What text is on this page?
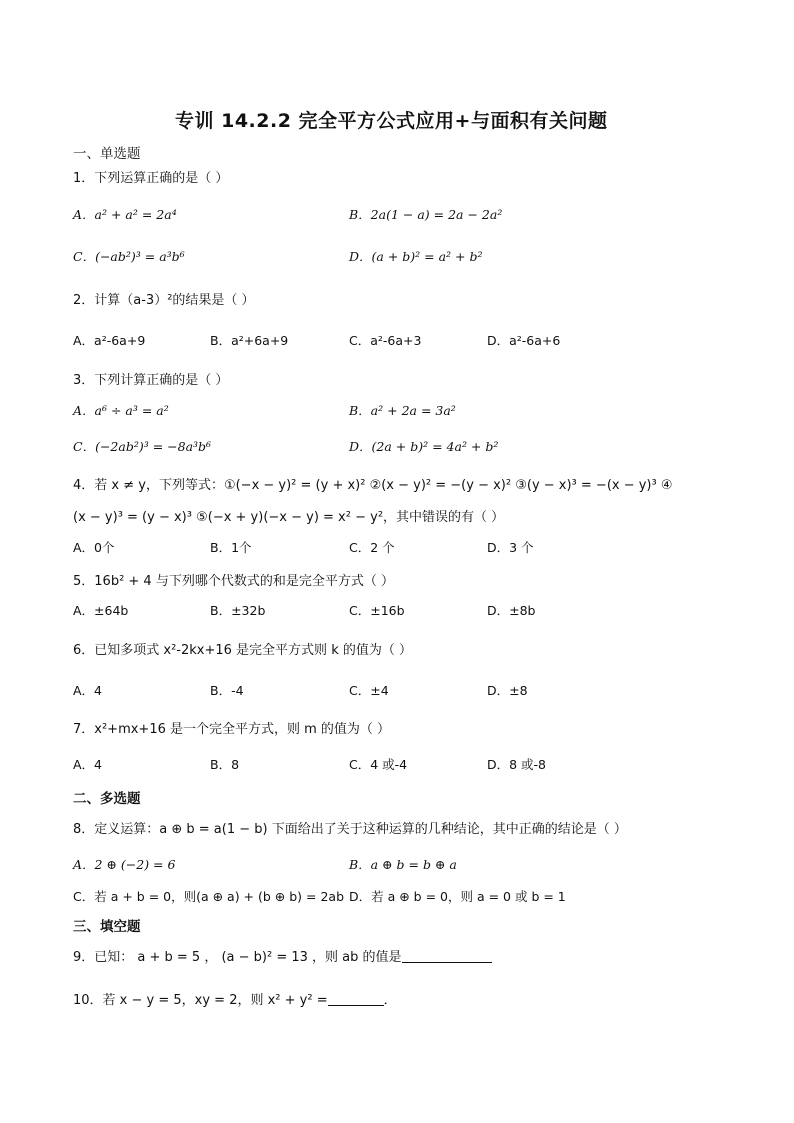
专训 14.2.2 完全平方公式应用+与面积有关问题
一、单选题
1．下列运算正确的是（ ）
A．a² + a² = 2a⁴	B．2a(1 − a) = 2a − 2a²
C．(−ab²)³ = a³b⁶	D．(a + b)² = a² + b²
2．计算（a-3）²的结果是（ ）
A．a²-6a+9	B．a²+6a+9	C．a²-6a+3	D．a²-6a+6
3．下列计算正确的是（ ）
A．a⁶ ÷ a³ = a²	B．a² + 2a = 3a²
C．(−2ab²)³ = −8a³b⁶	D．(2a + b)² = 4a² + b²
4．若 x ≠ y，下列等式：①(−x − y)² = (y + x)² ②(x − y)² = −(y − x)² ③(y − x)³ = −(x − y)³ ④
(x − y)³ = (y − x)³ ⑤(−x + y)(−x − y) = x² − y²，其中错误的有（ ）
A．0个	B．1个	C．2 个	D．3 个
5．16b² + 4 与下列哪个代数式的和是完全平方式（ ）
A．±64b	B．±32b	C．±16b	D．±8b
6．已知多项式 x²-2kx+16 是完全平方式则 k 的值为（ ）
A．4	B．-4	C．±4	D．±8
7．x²+mx+16 是一个完全平方式，则 m 的值为（ ）
A．4	B．8	C．4 或-4	D．8 或-8
二、多选题
8．定义运算：a ⊕ b = a(1 − b) 下面给出了关于这种运算的几种结论，其中正确的结论是（ ）
A．2 ⊕ (−2) = 6	B．a ⊕ b = b ⊕ a
C．若 a + b = 0，则(a ⊕ a) + (b ⊕ b) = 2ab D．若 a ⊕ b = 0，则 a = 0 或 b = 1
三、填空题
9．已知： a + b = 5 ， (a − b)² = 13 ，则 ab 的值是
10．若 x − y = 5，xy = 2，则 x² + y² =	．
